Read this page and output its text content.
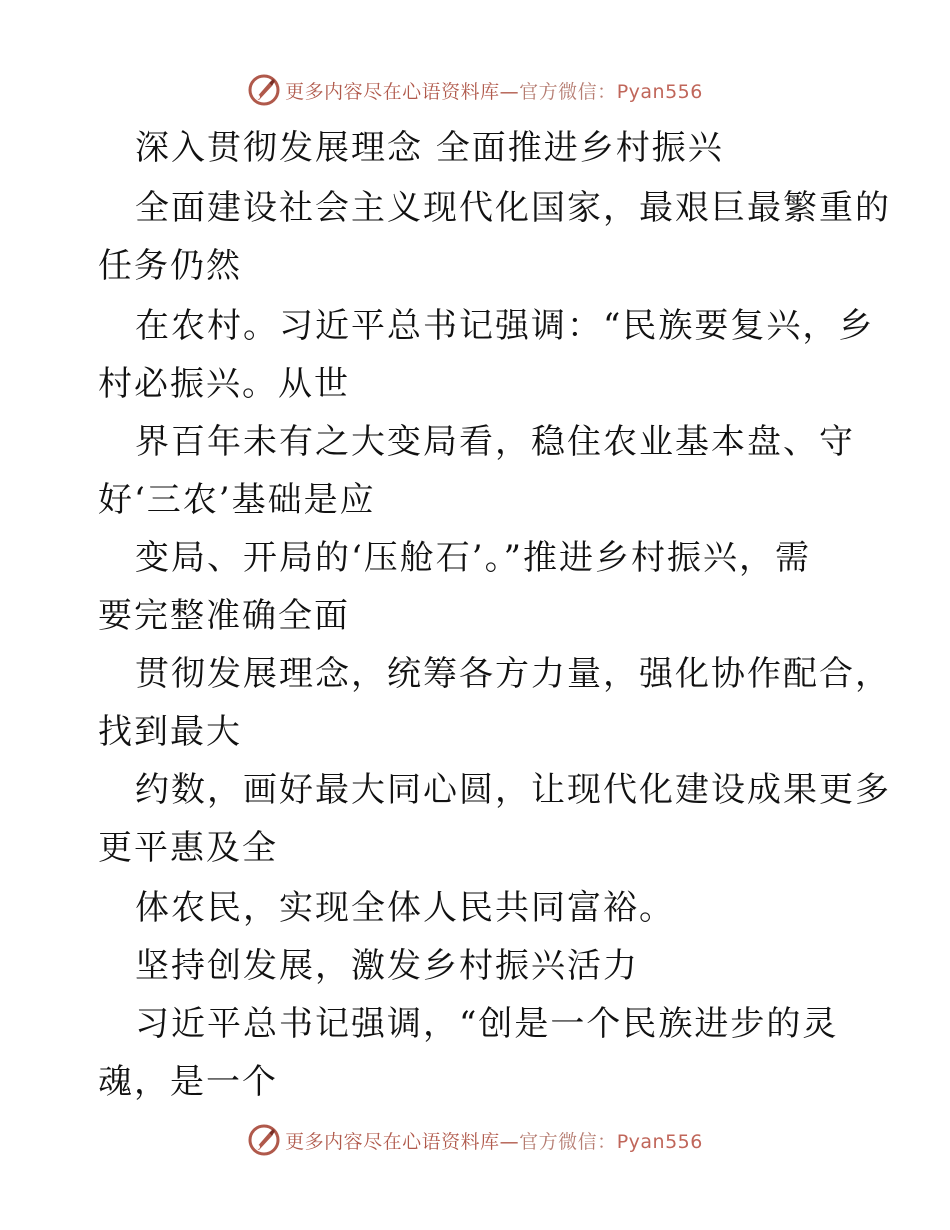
更多内容尽在心语资料库—官方微信：Pyan556
深入贯彻发展理念 全面推进乡村振兴
全面建设社会主义现代化国家，最艰巨最繁重的
任务仍然
在农村。习近平总书记强调：“民族要复兴，乡
村必振兴。从世
界百年未有之大变局看，稳住农业基本盘、守
好‘三农’基础是应
变局、开局的‘压舱石’。”推进乡村振兴，需
要完整准确全面
贯彻发展理念，统筹各方力量，强化协作配合，
找到最大
约数，画好最大同心圆，让现代化建设成果更多
更平惠及全
体农民，实现全体人民共同富裕。
坚持创发展，激发乡村振兴活力
习近平总书记强调，“创是一个民族进步的灵
魂，是一个
更多内容尽在心语资料库—官方微信：Pyan556
